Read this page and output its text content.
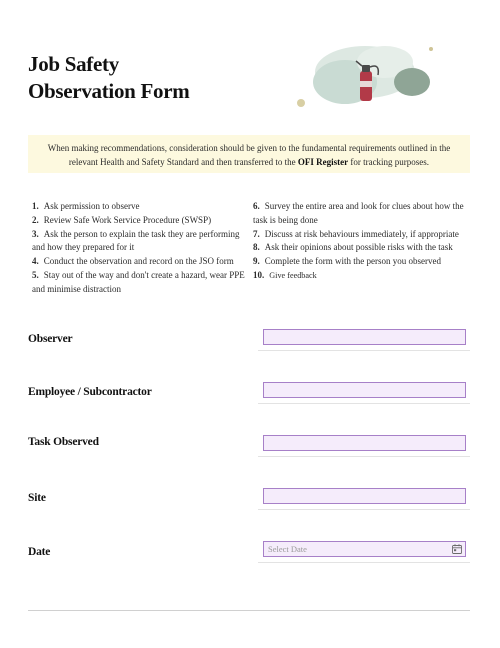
Job Safety
Observation Form
When making recommendations, consideration should be given to the fundamental requirements outlined in the relevant Health and Safety Standard and then transferred to the OFI Register for tracking purposes.
1. Ask permission to observe
2. Review Safe Work Service Procedure (SWSP)
3. Ask the person to explain the task they are performing and how they prepared for it
4. Conduct the observation and record on the JSO form
5. Stay out of the way and don't create a hazard, wear PPE and minimise distraction
6. Survey the entire area and look for clues about how the task is being done
7. Discuss at risk behaviours immediately, if appropriate
8. Ask their opinions about possible risks with the task
9. Complete the form with the person you observed
10. Give feedback
Observer
Employee / Subcontractor
Task Observed
Site
Date	Select Date
